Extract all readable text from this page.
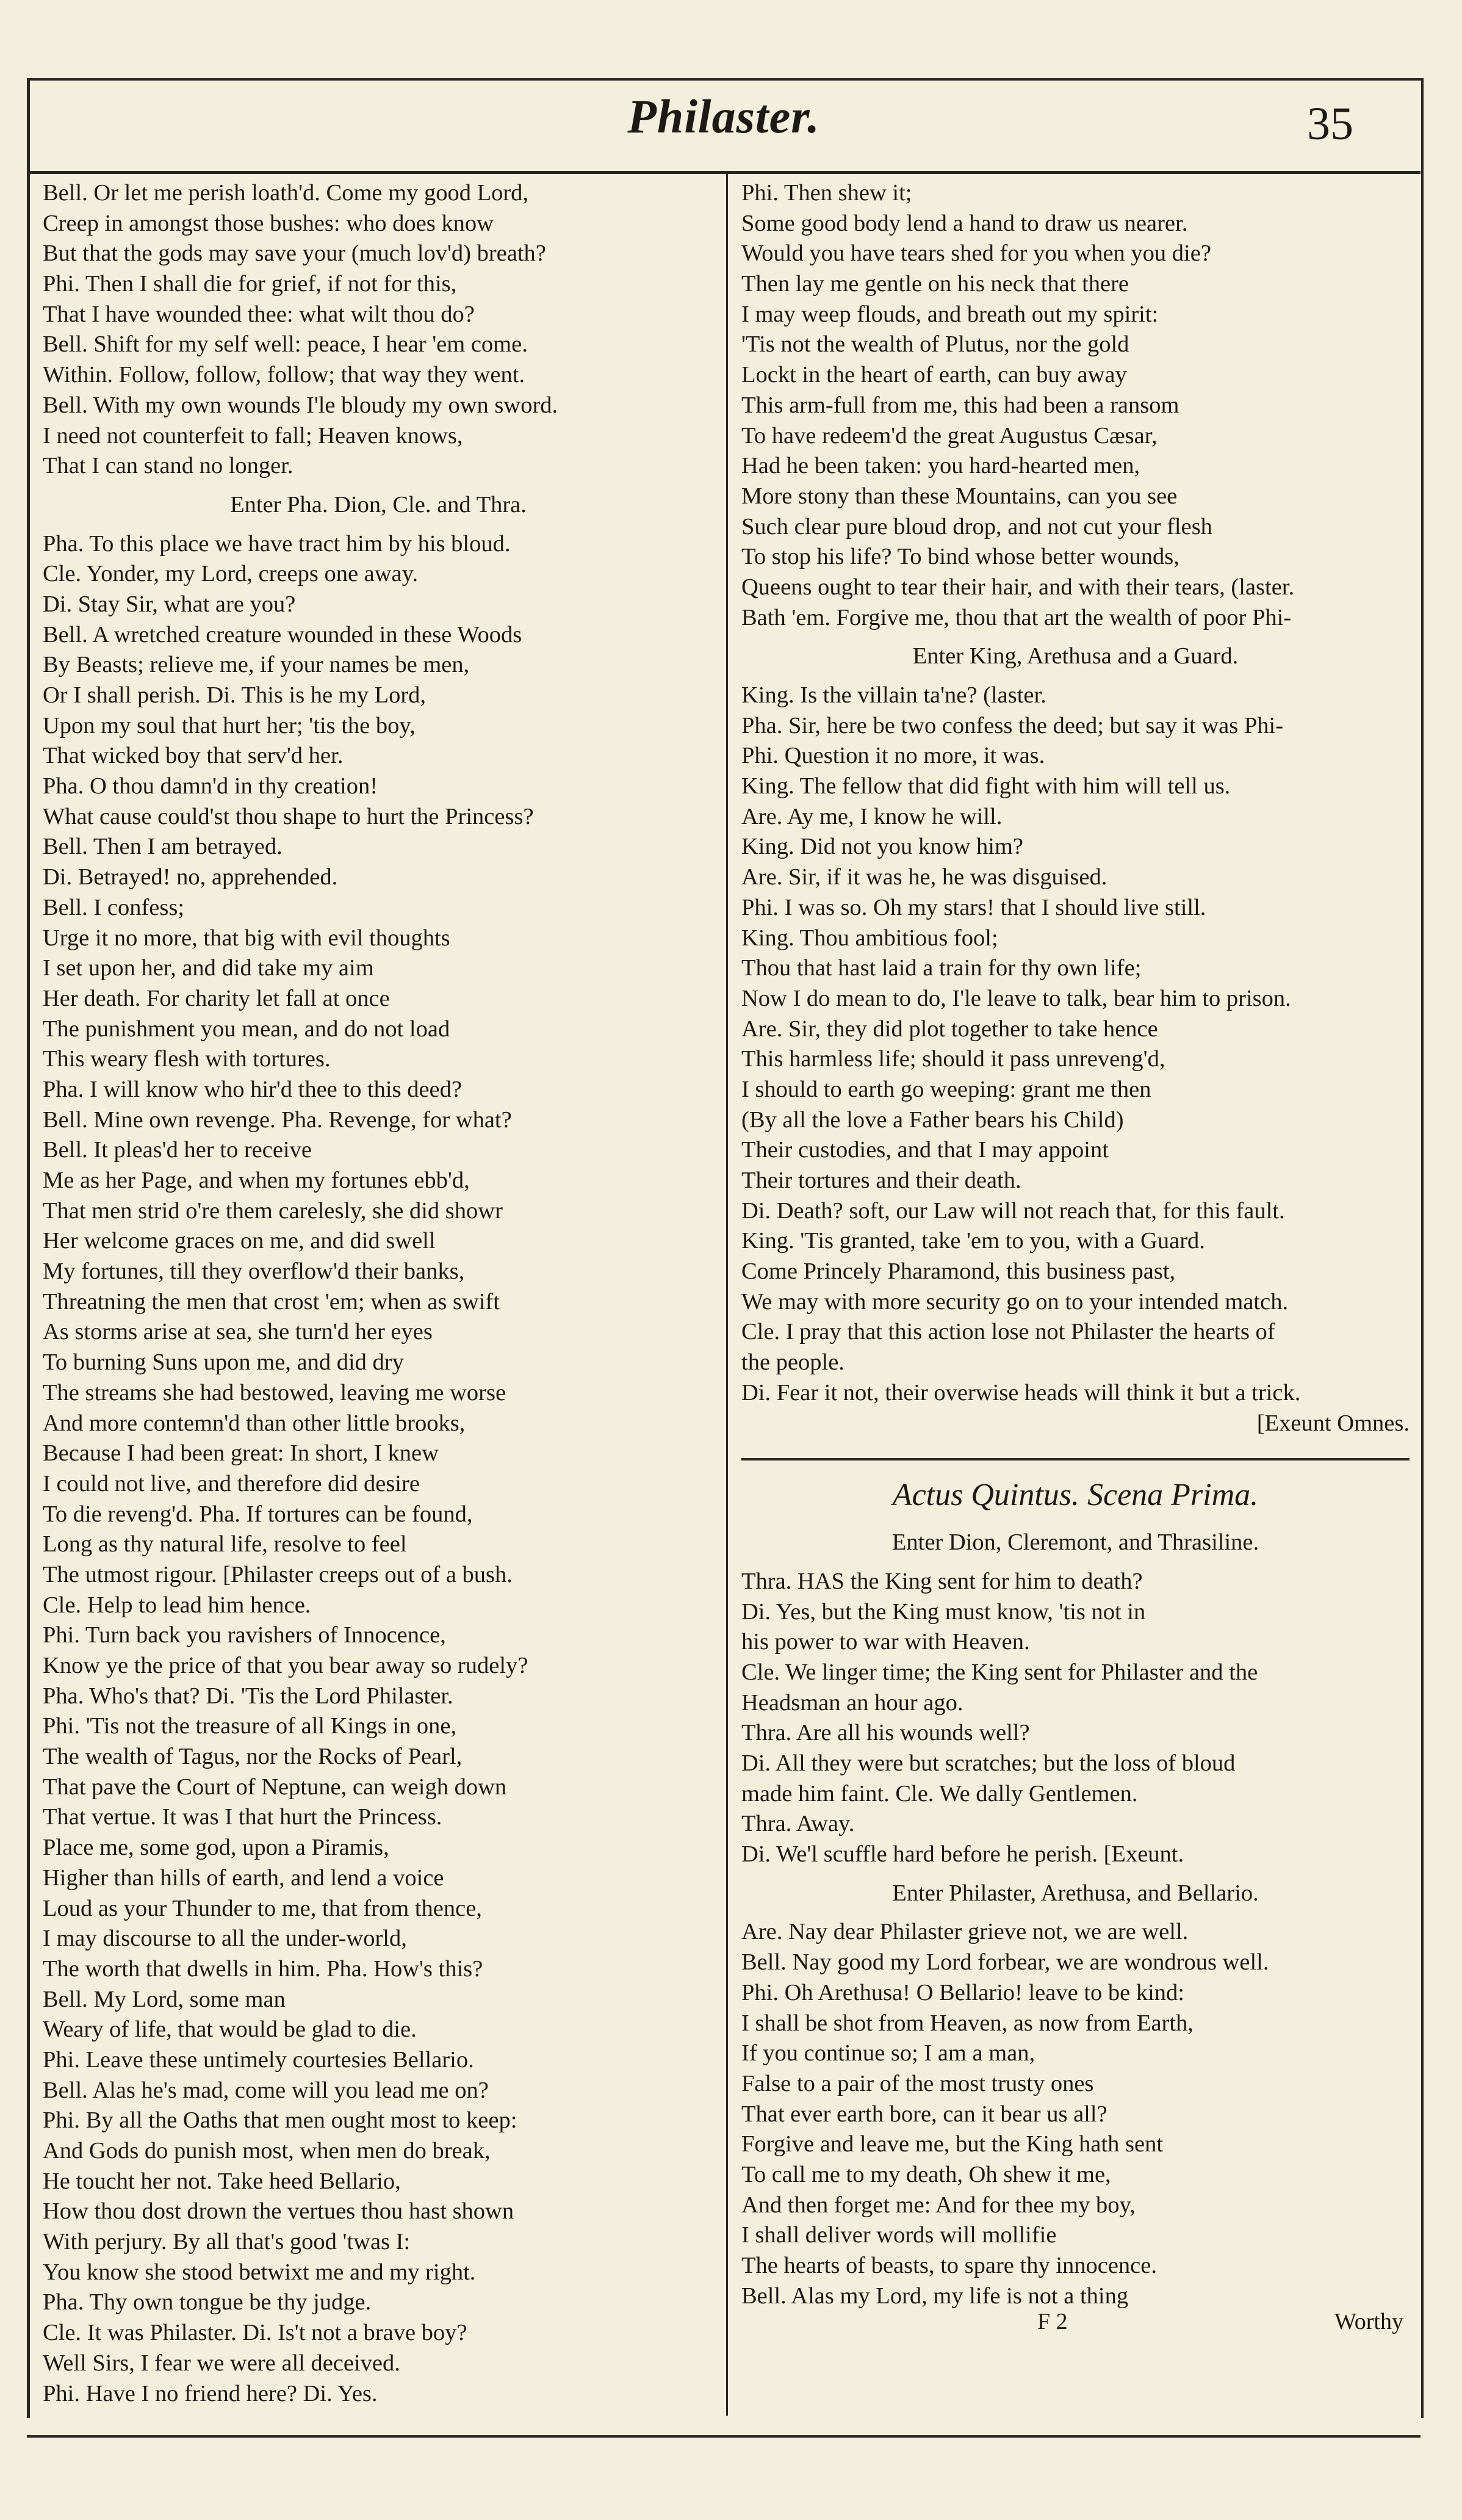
Philaster.	35
Bell. Or let me perish loath'd. Come my good Lord,
Creep in amongst those bushes: who does know
But that the gods may save your (much lov'd) breath?
Phi. Then I shall die for grief, if not for this,
That I have wounded thee: what wilt thou do?
Bell. Shift for my self well: peace, I hear 'em come.
Within. Follow, follow, follow; that way they went.
Bell. With my own wounds I'le bloudy my own sword.
I need not counterfeit to fall; Heaven knows,
That I can stand no longer.
Enter Pha. Dion, Cle. and Thra.
Pha. To this place we have tract him by his bloud.
Cle. Yonder, my Lord, creeps one away.
Di. Stay Sir, what are you?
Bell. A wretched creature wounded in these Woods
By Beasts; relieve me, if your names be men,
Or I shall perish. Di. This is he my Lord,
Upon my soul that hurt her; 'tis the boy,
That wicked boy that serv'd her.
Pha. O thou damn'd in thy creation!
What cause could'st thou shape to hurt the Princess?
Bell. Then I am betrayed.
Di. Betrayed! no, apprehended.
Bell. I confess;
Urge it no more, that big with evil thoughts
I set upon her, and did take my aim
Her death. For charity let fall at once
The punishment you mean, and do not load
This weary flesh with tortures.
Pha. I will know who hir'd thee to this deed?
Bell. Mine own revenge. Pha. Revenge, for what?
Bell. It pleas'd her to receive
Me as her Page, and when my fortunes ebb'd,
That men strid o're them carelesly, she did showr
Her welcome graces on me, and did swell
My fortunes, till they overflow'd their banks,
Threatning the men that crost 'em; when as swift
As storms arise at sea, she turn'd her eyes
To burning Suns upon me, and did dry
The streams she had bestowed, leaving me worse
And more contemn'd than other little brooks,
Because I had been great: In short, I knew
I could not live, and therefore did desire
To die reveng'd. Pha. If tortures can be found,
Long as thy natural life, resolve to feel
The utmost rigour. [Philaster creeps out of a bush.
Cle. Help to lead him hence.
Phi. Turn back you ravishers of Innocence,
Know ye the price of that you bear away so rudely?
Pha. Who's that? Di. 'Tis the Lord Philaster.
Phi. 'Tis not the treasure of all Kings in one,
The wealth of Tagus, nor the Rocks of Pearl,
That pave the Court of Neptune, can weigh down
That vertue. It was I that hurt the Princess.
Place me, some god, upon a Piramis,
Higher than hills of earth, and lend a voice
Loud as your Thunder to me, that from thence,
I may discourse to all the under-world,
The worth that dwells in him. Pha. How's this?
Bell. My Lord, some man
Weary of life, that would be glad to die.
Phi. Leave these untimely courtesies Bellario.
Bell. Alas he's mad, come will you lead me on?
Phi. By all the Oaths that men ought most to keep:
And Gods do punish most, when men do break,
He toucht her not. Take heed Bellario,
How thou dost drown the vertues thou hast shown
With perjury. By all that's good 'twas I:
You know she stood betwixt me and my right.
Pha. Thy own tongue be thy judge.
Cle. It was Philaster. Di. Is't not a brave boy?
Well Sirs, I fear we were all deceived.
Phi. Have I no friend here? Di. Yes.
Phi. Then shew it;
Some good body lend a hand to draw us nearer.
Would you have tears shed for you when you die?
Then lay me gentle on his neck that there
I may weep flouds, and breath out my spirit:
'Tis not the wealth of Plutus, nor the gold
Lockt in the heart of earth, can buy away
This arm-full from me, this had been a ransom
To have redeem'd the great Augustus Cæsar,
Had he been taken: you hard-hearted men,
More stony than these Mountains, can you see
Such clear pure bloud drop, and not cut your flesh
To stop his life? To bind whose better wounds,
Queens ought to tear their hair, and with their tears, (laster.
Bath 'em. Forgive me, thou that art the wealth of poor Phi-
Enter King, Arethusa and a Guard.
King. Is the villain ta'ne? (laster.
Pha. Sir, here be two confess the deed; but say it was Phi-
Phi. Question it no more, it was.
King. The fellow that did fight with him will tell us.
Are. Ay me, I know he will.
King. Did not you know him?
Are. Sir, if it was he, he was disguised.
Phi. I was so. Oh my stars! that I should live still.
King. Thou ambitious fool;
Thou that hast laid a train for thy own life;
Now I do mean to do, I'le leave to talk, bear him to prison.
Are. Sir, they did plot together to take hence
This harmless life; should it pass unreveng'd,
I should to earth go weeping: grant me then
(By all the love a Father bears his Child)
Their custodies, and that I may appoint
Their tortures and their death.
Di. Death? soft, our Law will not reach that, for this fault.
King. 'Tis granted, take 'em to you, with a Guard.
Come Princely Pharamond, this business past,
We may with more security go on to your intended match.
Cle. I pray that this action lose not Philaster the hearts of
the people.
Di. Fear it not, their overwise heads will think it but a trick.
[Exeunt Omnes.
Actus Quintus. Scena Prima.
Enter Dion, Cleremont, and Thrasiline.
Thra. HAS the King sent for him to death?
Di. Yes, but the King must know, 'tis not in
his power to war with Heaven.
Cle. We linger time; the King sent for Philaster and the
Headsman an hour ago.
Thra. Are all his wounds well?
Di. All they were but scratches; but the loss of bloud
made him faint. Cle. We dally Gentlemen.
Thra. Away.
Di. We'l scuffle hard before he perish. [Exeunt.
Enter Philaster, Arethusa, and Bellario.
Are. Nay dear Philaster grieve not, we are well.
Bell. Nay good my Lord forbear, we are wondrous well.
Phi. Oh Arethusa! O Bellario! leave to be kind:
I shall be shot from Heaven, as now from Earth,
If you continue so; I am a man,
False to a pair of the most trusty ones
That ever earth bore, can it bear us all?
Forgive and leave me, but the King hath sent
To call me to my death, Oh shew it me,
And then forget me: And for thee my boy,
I shall deliver words will mollifie
The hearts of beasts, to spare thy innocence.
Bell. Alas my Lord, my life is not a thing
F 2	Worthy
